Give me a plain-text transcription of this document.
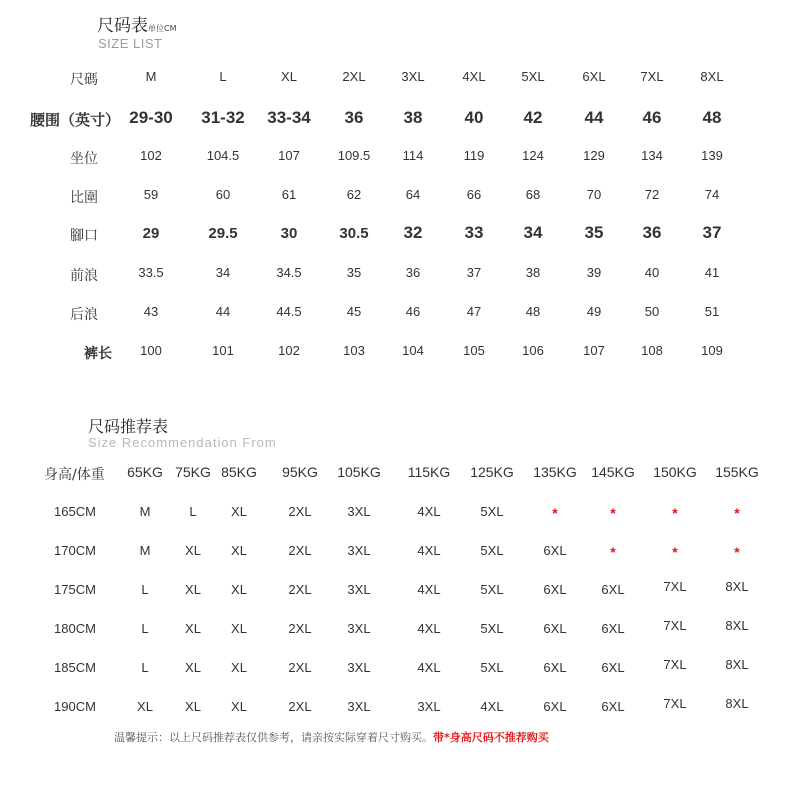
尺码表单位CM
SIZE LIST
尺碼	M	L	XL	2XL	3XL	4XL	5XL	6XL	7XL	8XL
腰围（英寸） 29-30 31-32 33-34 36 38 40 42 44 46 48
坐位	102	104.5	107	109.5 114	119	124	129	134	139
比圍	59	60	61	62	64	66	68	70	72	74
腳口	29	29.5	30	30.5 32 33 34 35 36 37
前浪	33.5	34	34.5	35	36	37	38	39	40	41
后浪	43	44	44.5	45	46	47	48	49	50	51
裤长 100	101	102	103	104	105	106	107	108	109
尺码推荐表
Size Recommendation From
身高/体重 65KG 75KG 85KG 95KG 105KG 115KG 125KG 135KG 145KG 150KG 155KG
165CM	M	L	XL	2XL	3XL	4XL	5XL	*	*	*	*
170CM	M	XL XL	2XL	3XL	4XL	5XL	6XL	*	*	*
175CM	L	XL XL	2XL	3XL	4XL	5XL	6XL	6XL	7XL	8XL
180CM	L	XL XL	2XL	3XL	4XL	5XL	6XL	6XL	7XL	8XL
185CM	L	XL XL	2XL	3XL	4XL	5XL	6XL	6XL	7XL	8XL
190CM	XL XL XL	2XL	3XL	3XL	4XL	6XL	6XL	7XL	8XL
温馨提示：以上尺码推荐表仅供参考，请亲按实际穿着尺寸购买。带*身高尺码不推荐购买
